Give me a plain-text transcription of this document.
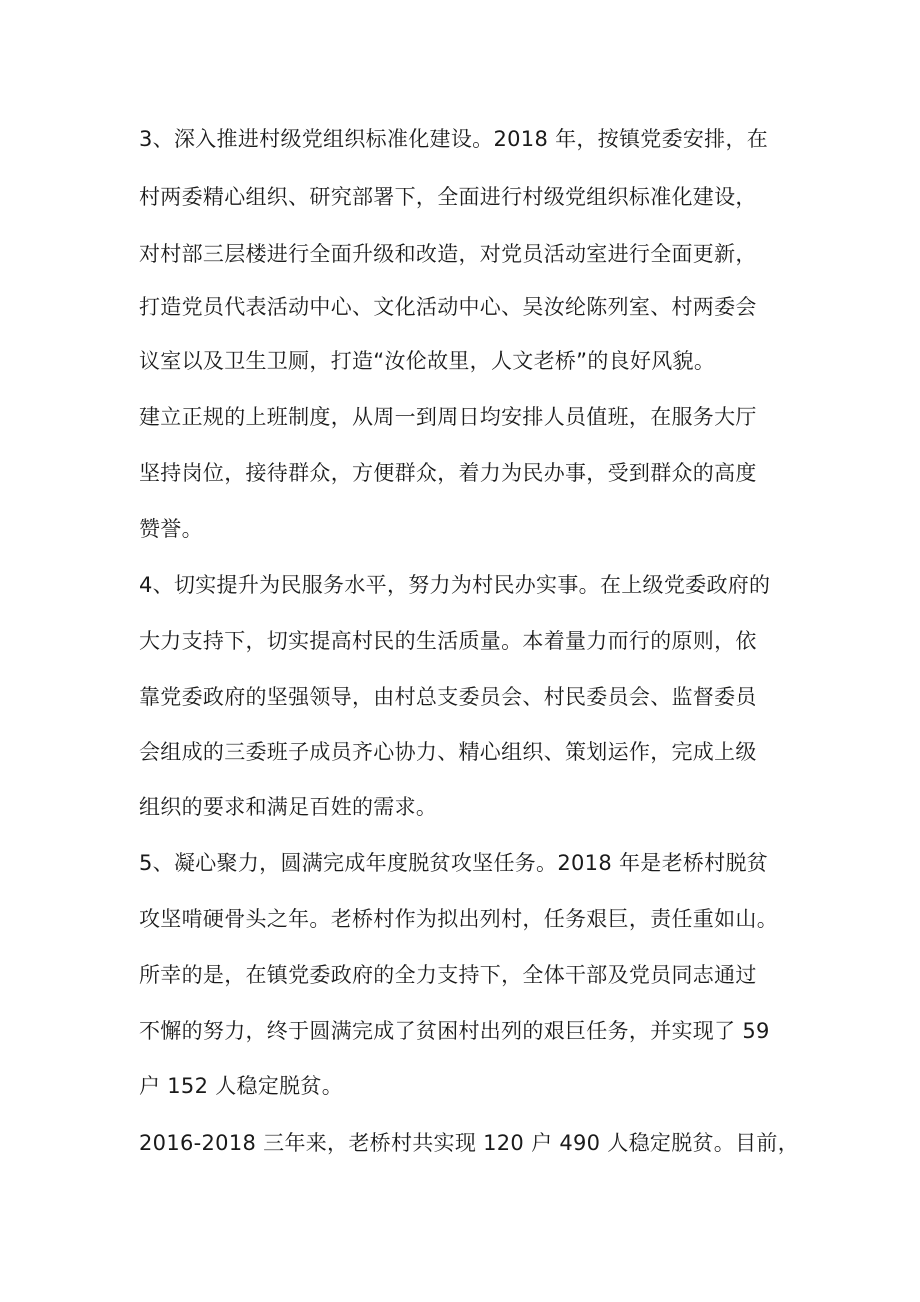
3、深入推进村级党组织标准化建设。2018 年，按镇党委安排，在
村两委精心组织、研究部署下，全面进行村级党组织标准化建设，
对村部三层楼进行全面升级和改造，对党员活动室进行全面更新，
打造党员代表活动中心、文化活动中心、吴汝纶陈列室、村两委会
议室以及卫生卫厕，打造“汝伦故里，人文老桥”的良好风貌。
建立正规的上班制度，从周一到周日均安排人员值班，在服务大厅
坚持岗位，接待群众，方便群众，着力为民办事，受到群众的高度
赞誉。
4、切实提升为民服务水平，努力为村民办实事。在上级党委政府的
大力支持下，切实提高村民的生活质量。本着量力而行的原则，依
靠党委政府的坚强领导，由村总支委员会、村民委员会、监督委员
会组成的三委班子成员齐心协力、精心组织、策划运作，完成上级
组织的要求和满足百姓的需求。
5、凝心聚力，圆满完成年度脱贫攻坚任务。2018 年是老桥村脱贫
攻坚啃硬骨头之年。老桥村作为拟出列村，任务艰巨，责任重如山。
所幸的是，在镇党委政府的全力支持下，全体干部及党员同志通过
不懈的努力，终于圆满完成了贫困村出列的艰巨任务，并实现了 59
户 152 人稳定脱贫。
2016-2018 三年来，老桥村共实现 120 户 490 人稳定脱贫。目前，
